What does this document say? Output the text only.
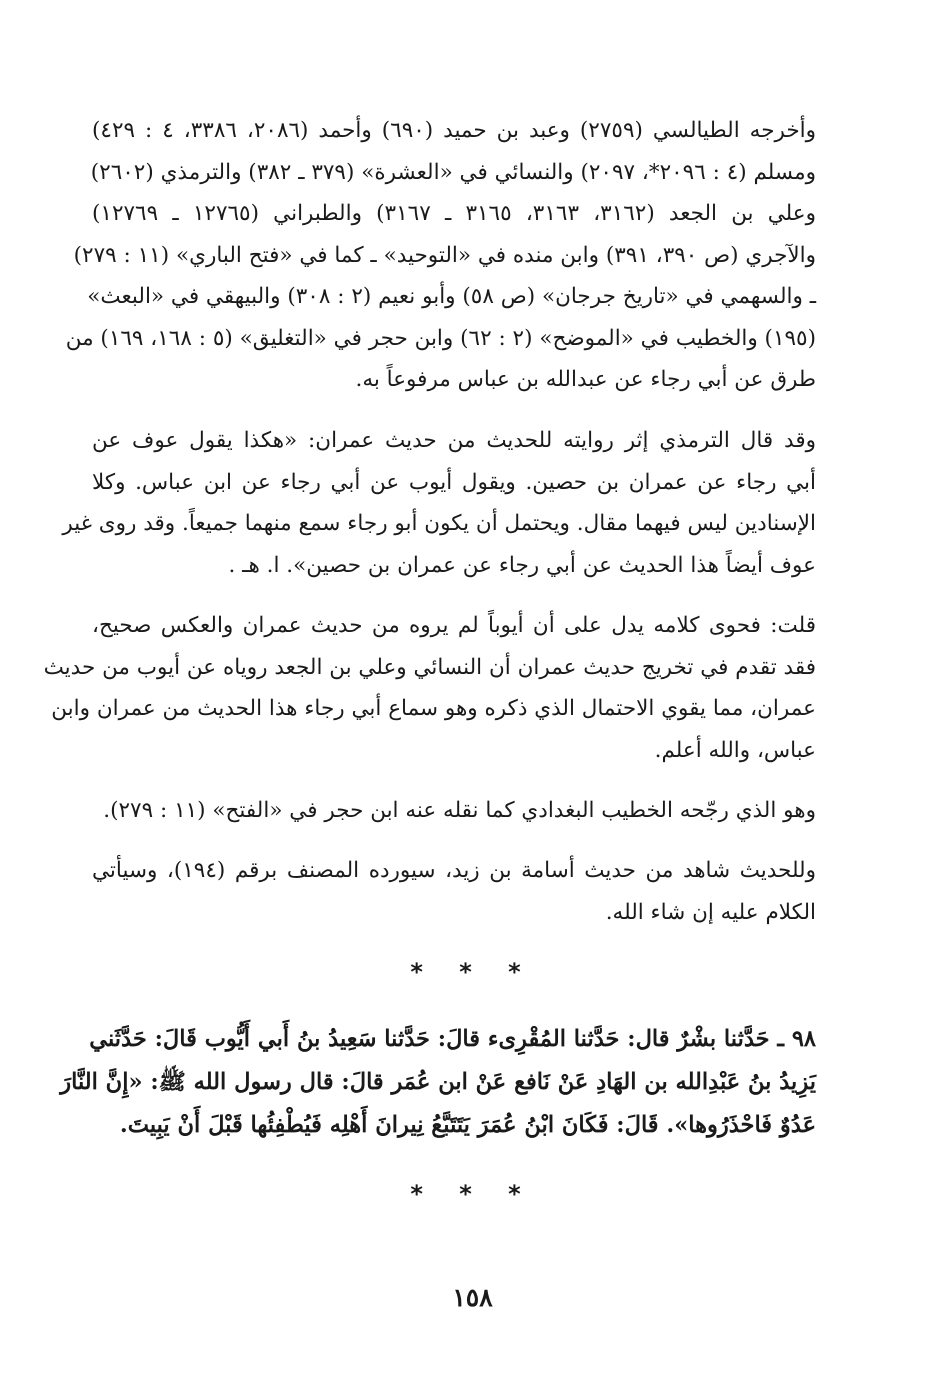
وأخرجه الطيالسي (٢٧٥٩) وعبد بن حميد (٦٩٠) وأحمد (٢٠٨٦، ٣٣٨٦، ٤ : ٤٢٩)
ومسلم (٤ : ٢٠٩٦*، ٢٠٩٧) والنسائي في «العشرة» (٣٧٩ ـ ٣٨٢) والترمذي (٢٦٠٢)
وعلي بن الجعد (٣١٦٢، ٣١٦٣، ٣١٦٥ ـ ٣١٦٧) والطبراني (١٢٧٦٥ ـ ١٢٧٦٩)
والآجري (ص ٣٩٠، ٣٩١) وابن منده في «التوحيد» ـ كما في «فتح الباري» (١١ : ٢٧٩)
ـ والسهمي في «تاريخ جرجان» (ص ٥٨) وأبو نعيم (٢ : ٣٠٨) والبيهقي في «البعث»
(١٩٥) والخطيب في «الموضح» (٢ : ٦٢) وابن حجر في «التغليق» (٥ : ١٦٨، ١٦٩) من
طرق عن أبي رجاء عن عبدالله بن عباس مرفوعاً به.
وقد قال الترمذي إثر روايته للحديث من حديث عمران: «هكذا يقول عوف عن
أبي رجاء عن عمران بن حصين. ويقول أيوب عن أبي رجاء عن ابن عباس. وكلا
الإسنادين ليس فيهما مقال. ويحتمل أن يكون أبو رجاء سمع منهما جميعاً. وقد روى غير
عوف أيضاً هذا الحديث عن أبي رجاء عن عمران بن حصين». ا. هـ .
قلت: فحوى كلامه يدل على أن أيوباً لم يروه من حديث عمران والعكس صحيح،
فقد تقدم في تخريج حديث عمران أن النسائي وعلي بن الجعد روياه عن أيوب من حديث
عمران، مما يقوي الاحتمال الذي ذكره وهو سماع أبي رجاء هذا الحديث من عمران وابن
عباس، والله أعلم.
وهو الذي رجّحه الخطيب البغدادي كما نقله عنه ابن حجر في «الفتح» (١١ : ٢٧٩).
وللحديث شاهد من حديث أسامة بن زيد، سيورده المصنف برقم (١٩٤)، وسيأتي
الكلام عليه إن شاء الله.
* * *
٩٨ ـ حَدَّثنا بشْرٌ قال: حَدَّثنا المُقْرِىء قالَ: حَدَّثنا سَعِيدُ بنُ أَبي أَيُّوب قَالَ: حَدَّثَني
يَزِيدُ بنُ عَبْدِالله بن الهَادِ عَنْ نَافع عَنْ ابن عُمَر قالَ: قال رسول الله ﷺ: «إِنَّ النَّارَ
عَدُوٌ فَاحْذَرُوها». قَالَ: فَكَانَ ابْنُ عُمَرَ يَتَتَبَّعُ نِيرانَ أَهْلِه فَيُطْفِئُها قَبْلَ أَنْ يَبِيتَ.
* * *
١٥٨
